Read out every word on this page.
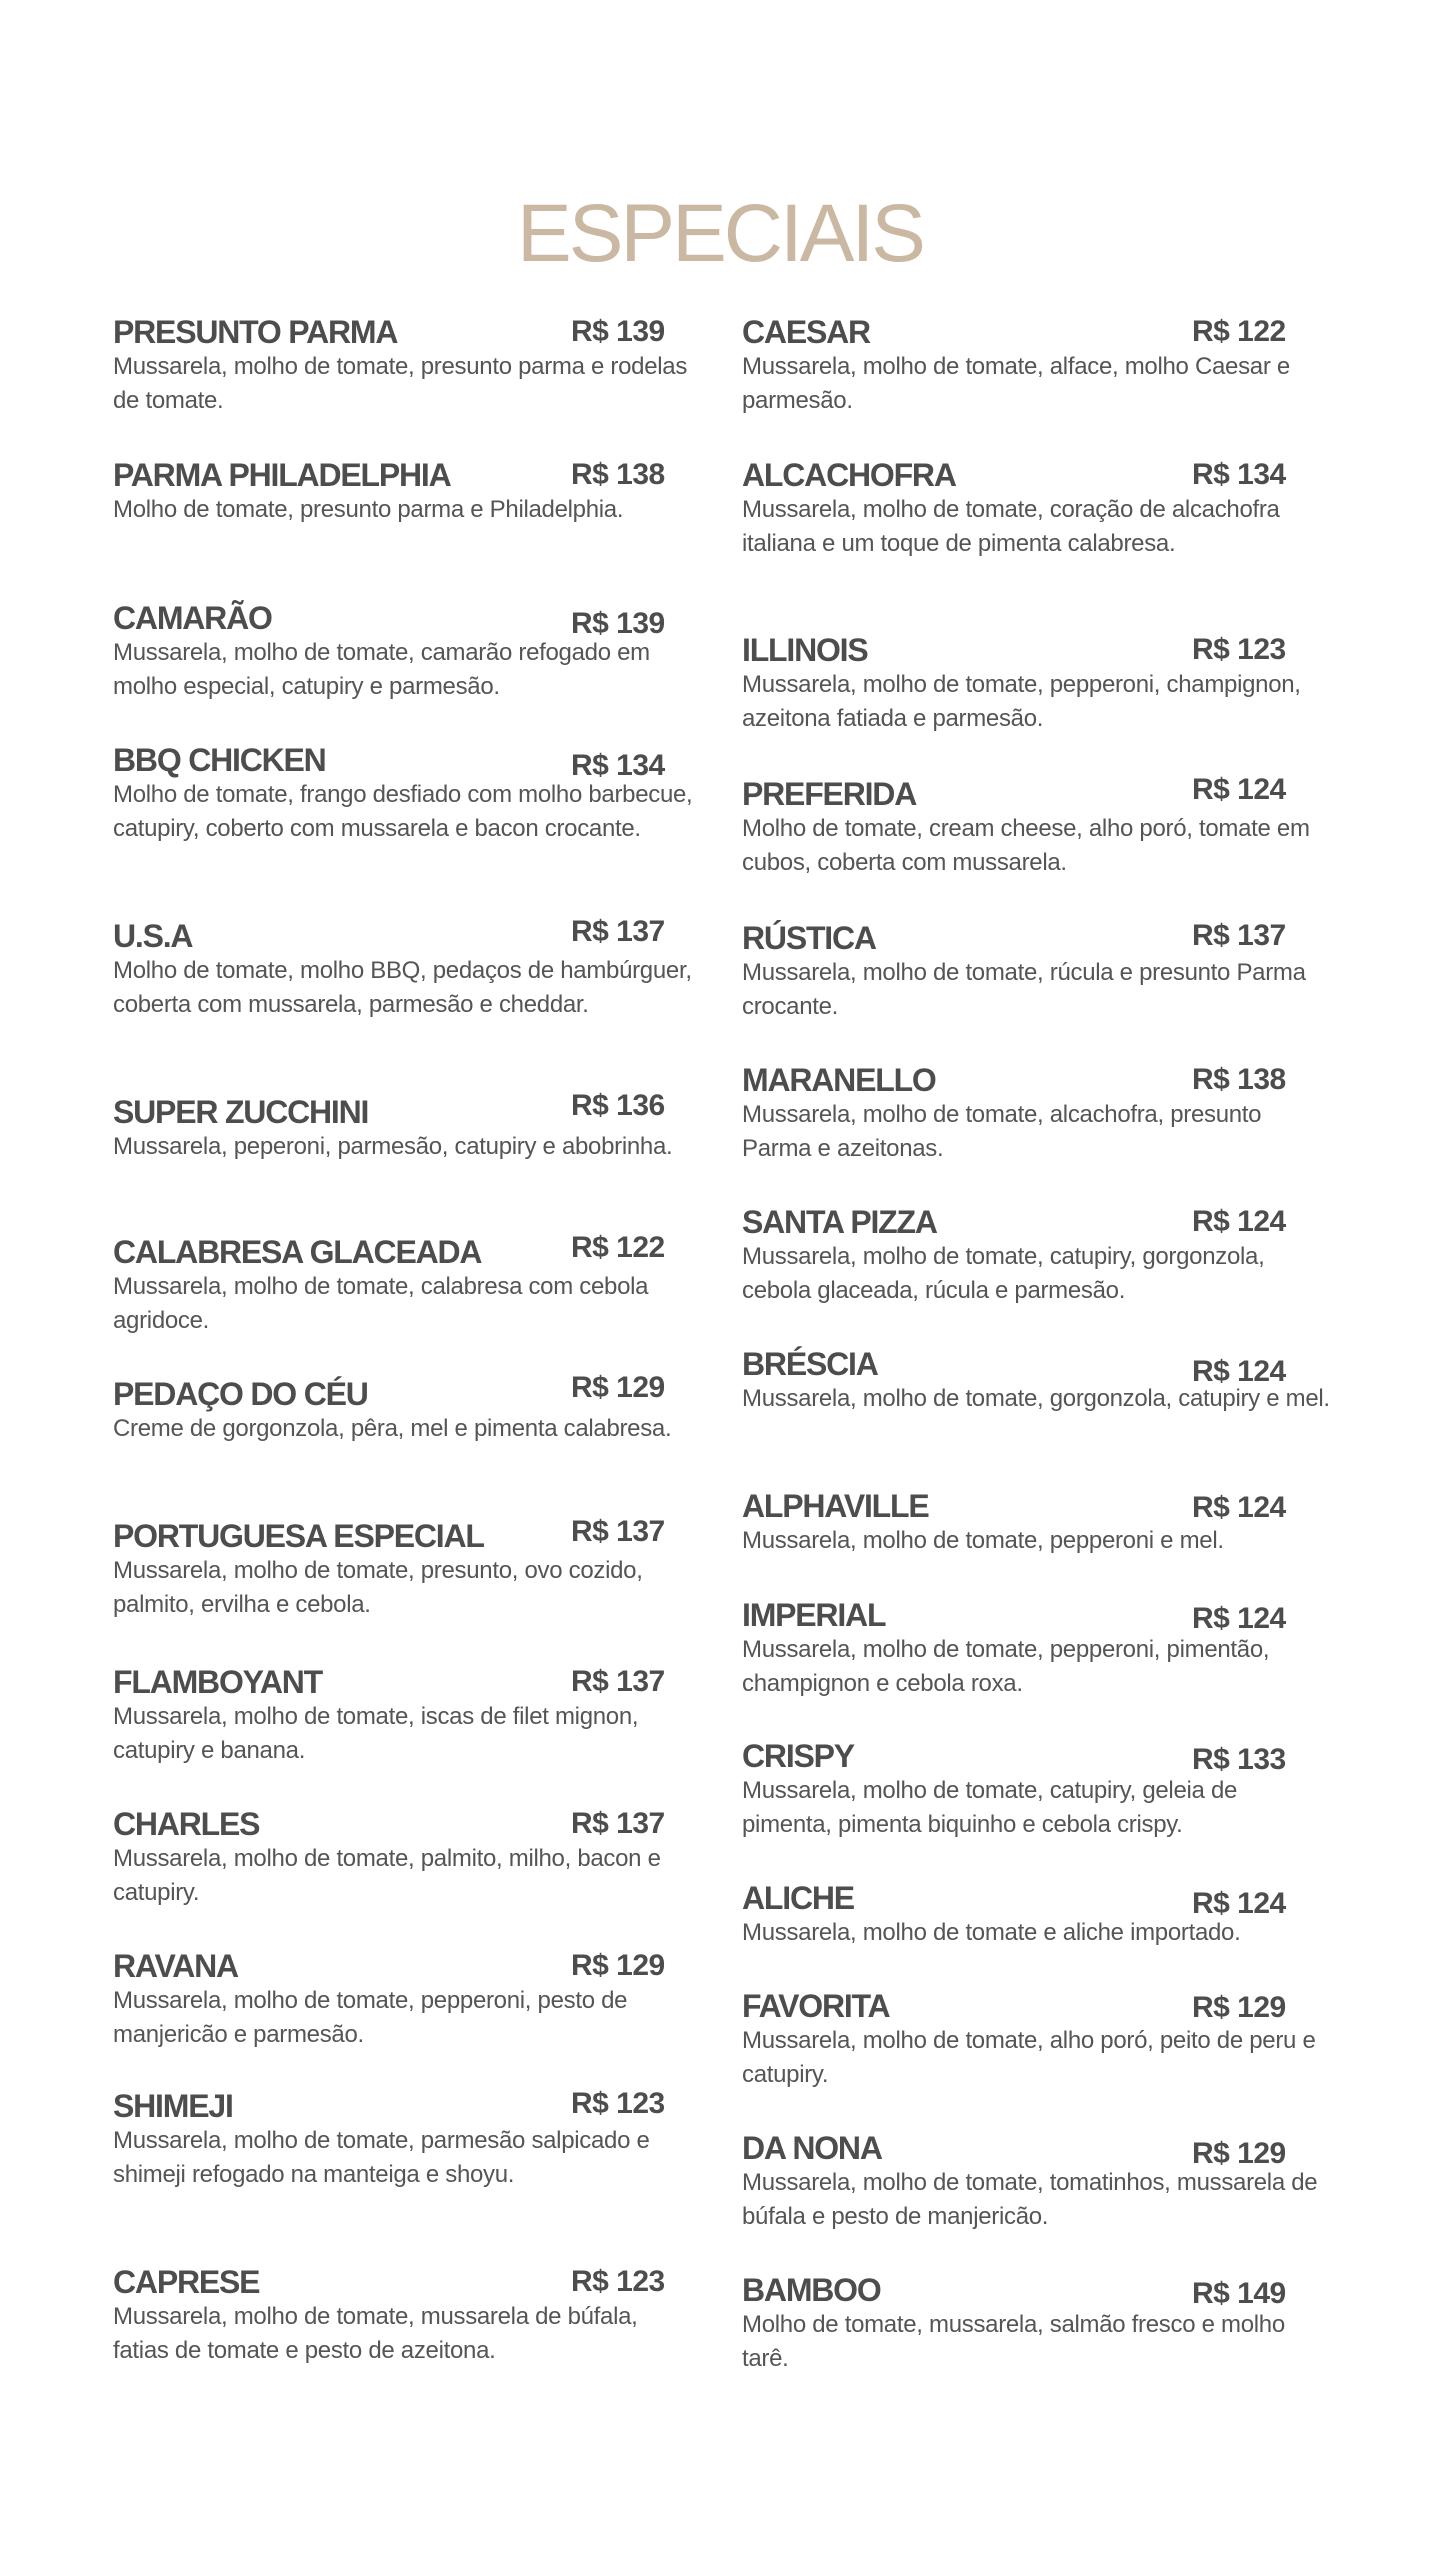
ESPECIAIS
PRESUNTO PARMA	R$ 139
Mussarela, molho de tomate, presunto parma e rodelas de tomate.
PARMA PHILADELPHIA	R$ 138
Molho de tomate, presunto parma e Philadelphia.
CAMARÃO	R$ 139
Mussarela, molho de tomate, camarão refogado em molho especial, catupiry e parmesão.
BBQ CHICKEN	R$ 134
Molho de tomate, frango desfiado com molho barbecue, catupiry, coberto com mussarela e bacon crocante.
U.S.A	R$ 137
Molho de tomate, molho BBQ, pedaços de hambúrguer, coberta com mussarela, parmesão e cheddar.
SUPER ZUCCHINI	R$ 136
Mussarela, peperoni, parmesão, catupiry e abobrinha.
CALABRESA GLACEADA	R$ 122
Mussarela, molho de tomate, calabresa com cebola agridoce.
PEDAÇO DO CÉU	R$ 129
Creme de gorgonzola, pêra, mel e pimenta calabresa.
PORTUGUESA ESPECIAL	R$ 137
Mussarela, molho de tomate, presunto, ovo cozido, palmito, ervilha e cebola.
FLAMBOYANT	R$ 137
Mussarela, molho de tomate, iscas de filet mignon, catupiry e banana.
CHARLES	R$ 137
Mussarela, molho de tomate, palmito, milho, bacon e catupiry.
RAVANA	R$ 129
Mussarela, molho de tomate, pepperoni, pesto de manjericão e parmesão.
SHIMEJI	R$ 123
Mussarela, molho de tomate, parmesão salpicado e shimeji refogado na manteiga e shoyu.
CAPRESE	R$ 123
Mussarela, molho de tomate, mussarela de búfala, fatias de tomate e pesto de azeitona.
CAESAR	R$ 122
Mussarela, molho de tomate, alface, molho Caesar e parmesão.
ALCACHOFRA	R$ 134
Mussarela, molho de tomate, coração de alcachofra italiana e um toque de pimenta calabresa.
ILLINOIS	R$ 123
Mussarela, molho de tomate, pepperoni, champignon, azeitona fatiada e parmesão.
PREFERIDA	R$ 124
Molho de tomate, cream cheese, alho poró, tomate em cubos, coberta com mussarela.
RÚSTICA	R$ 137
Mussarela, molho de tomate, rúcula e presunto Parma crocante.
MARANELLO	R$ 138
Mussarela, molho de tomate, alcachofra, presunto Parma e azeitonas.
SANTA PIZZA	R$ 124
Mussarela, molho de tomate, catupiry, gorgonzola, cebola glaceada, rúcula e parmesão.
BRÉSCIA	R$ 124
Mussarela, molho de tomate, gorgonzola, catupiry e mel.
ALPHAVILLE	R$ 124
Mussarela, molho de tomate, pepperoni e mel.
IMPERIAL	R$ 124
Mussarela, molho de tomate, pepperoni, pimentão, champignon e cebola roxa.
CRISPY	R$ 133
Mussarela, molho de tomate, catupiry, geleia de pimenta, pimenta biquinho e cebola crispy.
ALICHE	R$ 124
Mussarela, molho de tomate e aliche importado.
FAVORITA	R$ 129
Mussarela, molho de tomate, alho poró, peito de peru e catupiry.
DA NONA	R$ 129
Mussarela, molho de tomate, tomatinhos, mussarela de búfala e pesto de manjericão.
BAMBOO	R$ 149
Molho de tomate, mussarela, salmão fresco e molho tarê.
